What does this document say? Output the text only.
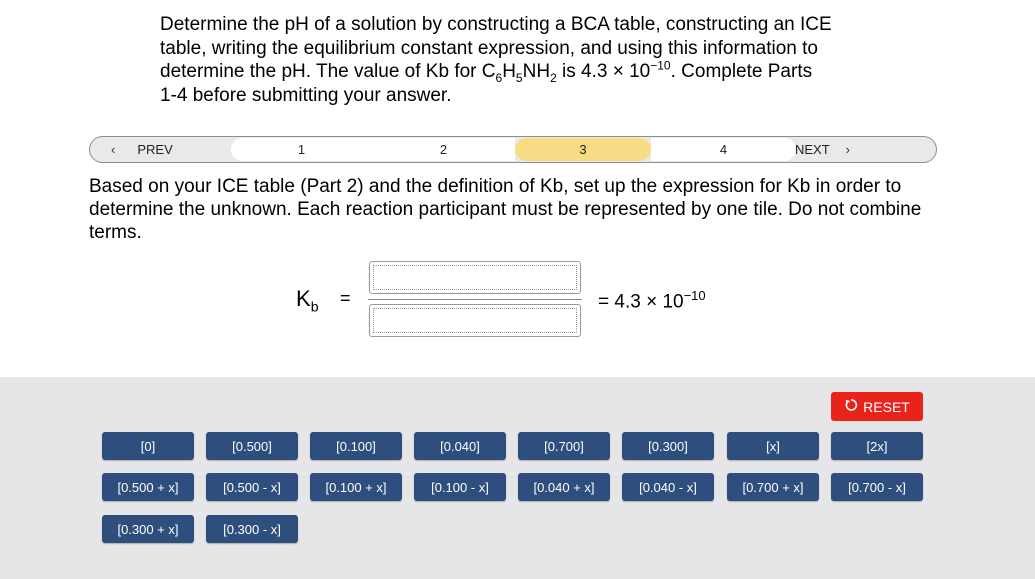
Determine the pH of a solution by constructing a BCA table, constructing an ICE
table, writing the equilibrium constant expression, and using this information to
determine the pH. The value of Kb for $C_6H_5NH_2$ is $4.3 \times 10^{-10}$. Complete Parts
1-4 before submitting your answer.
‹ PREV	1	2	3	4	NEXT ›
Based on your ICE table (Part 2) and the definition of Kb, set up the expression for Kb in order to determine the unknown. Each reaction participant must be represented by one tile. Do not combine terms.
$K_b$ =	= $4.3 \times 10^{-10}$
RESET
[0]	[0.500]	[0.100]	[0.040]	[0.700]	[0.300]	[x]	[2x]
[0.500 + x]	[0.500 - x]	[0.100 + x]	[0.100 - x]	[0.040 + x]	[0.040 - x]	[0.700 + x]	[0.700 - x]
[0.300 + x]	[0.300 - x]
